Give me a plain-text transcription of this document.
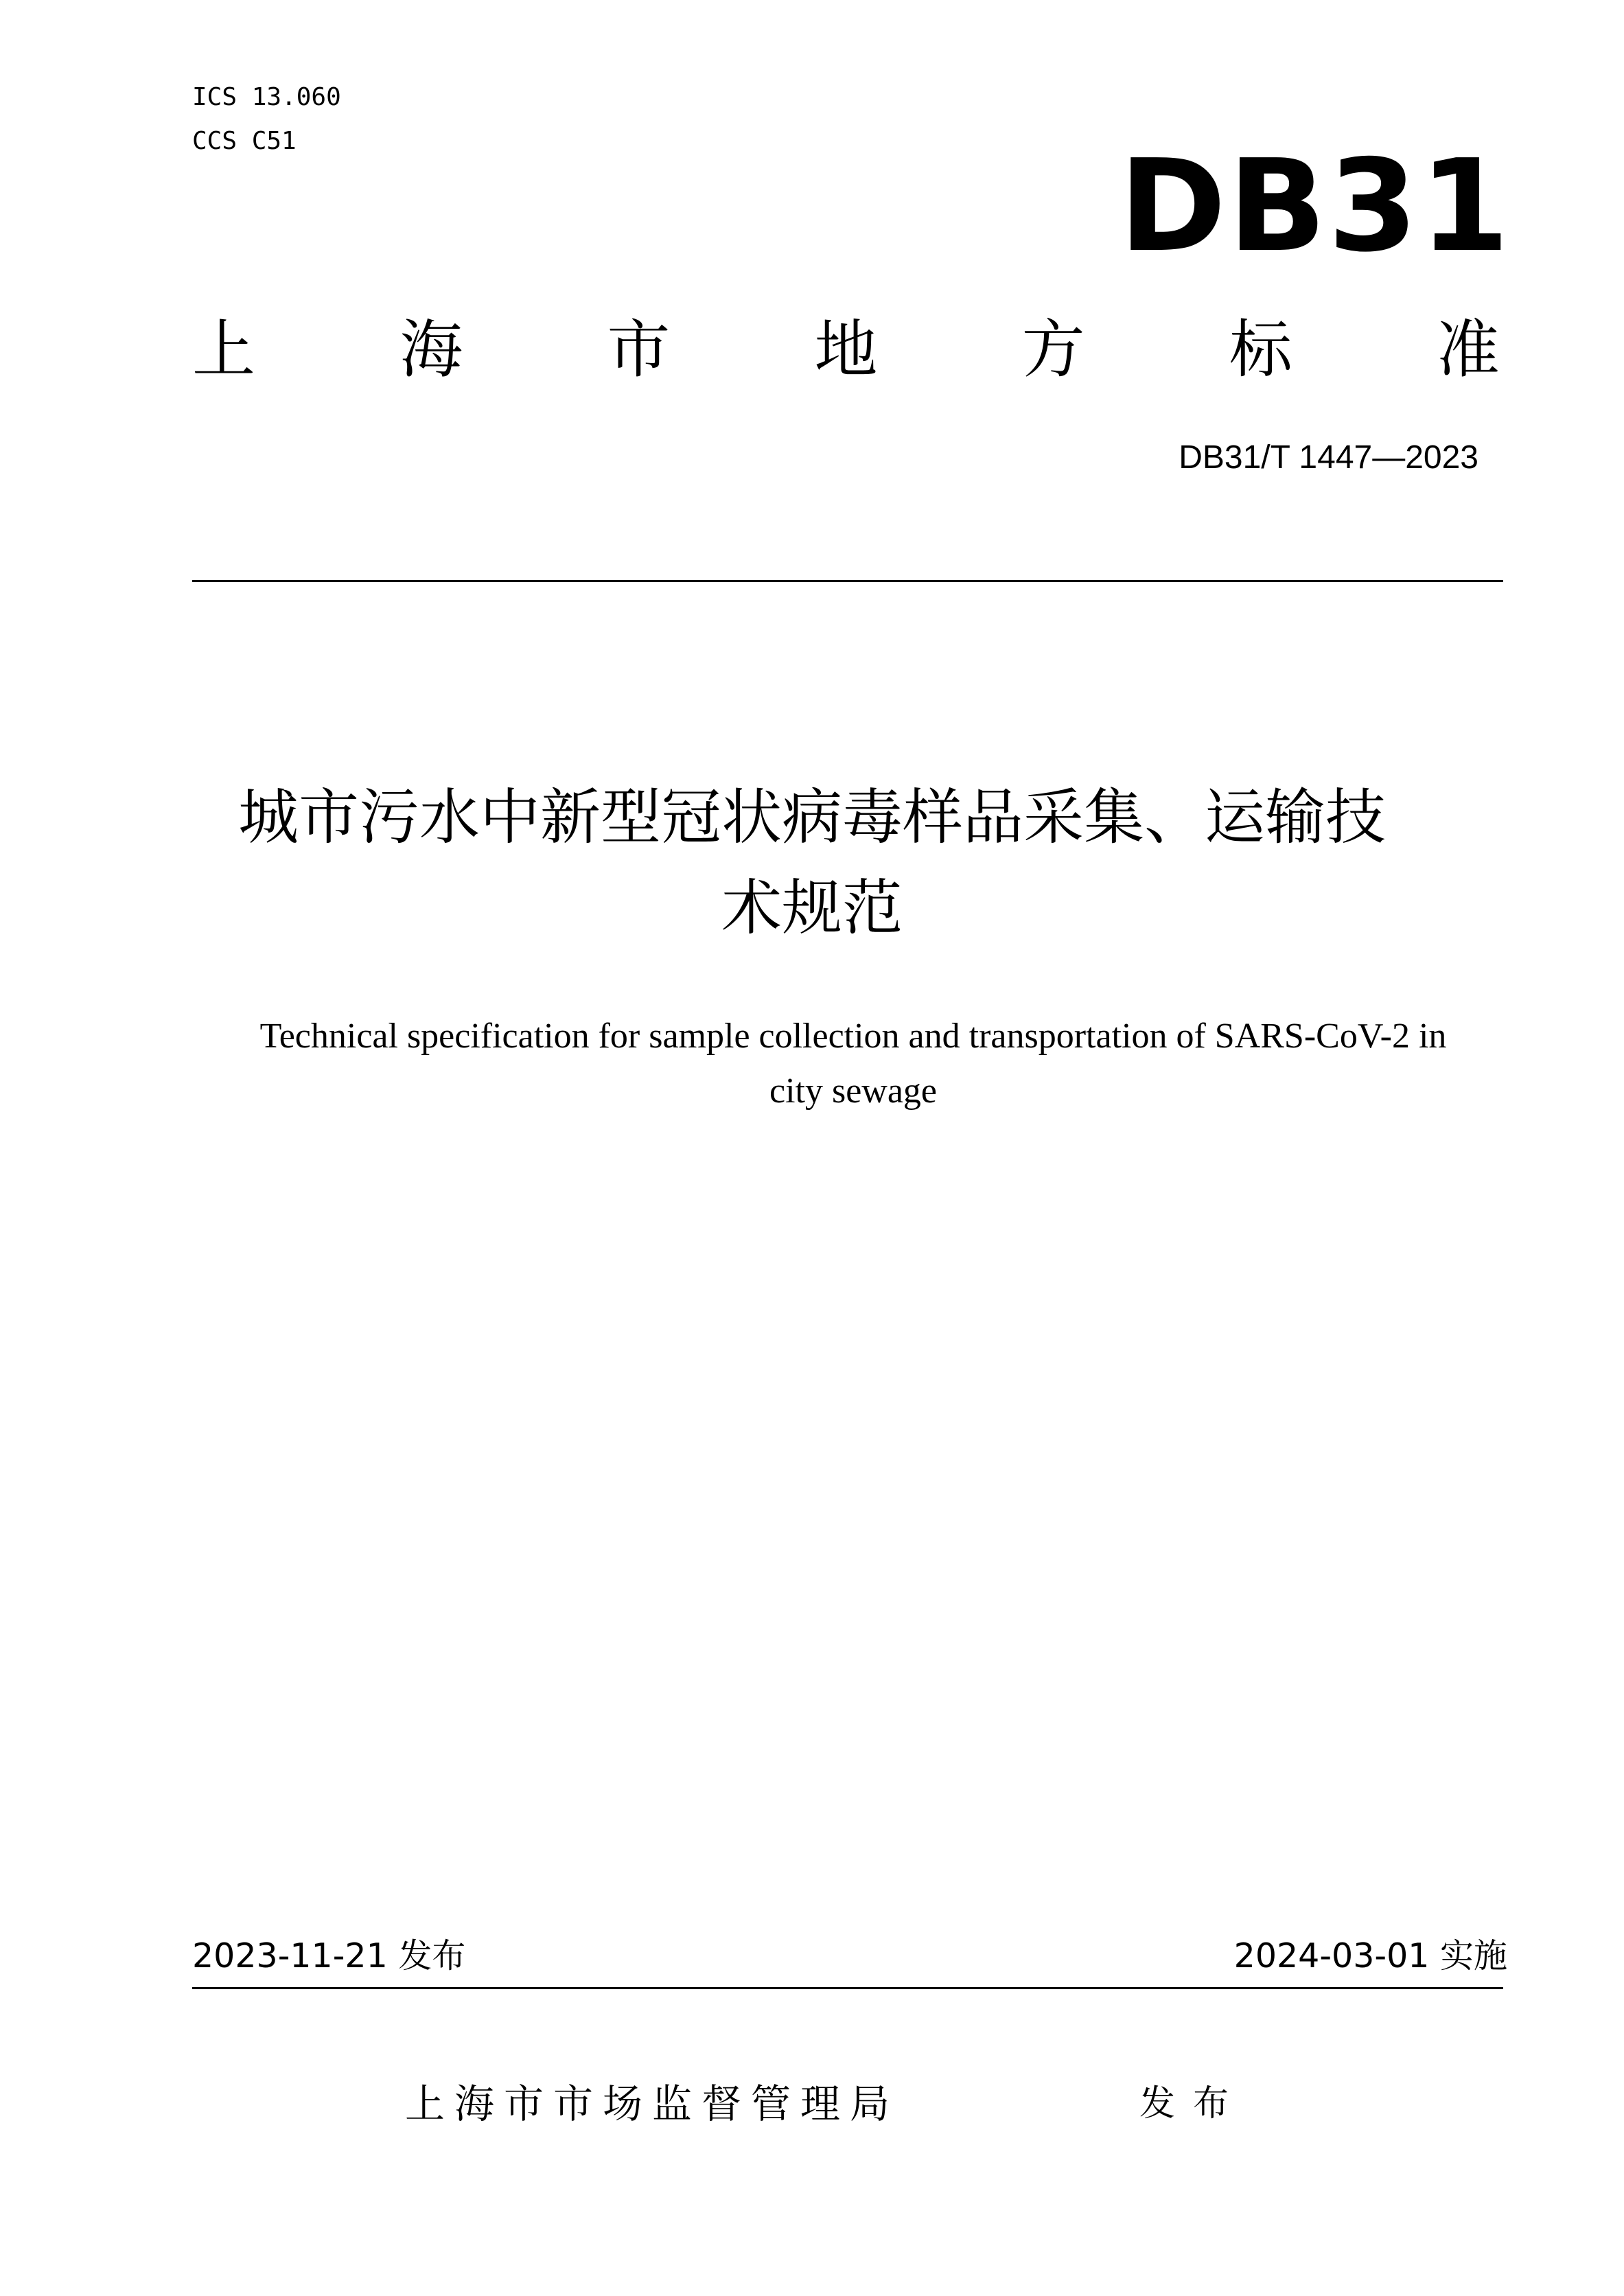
ICS 13.060
CCS C51	DB31
上 海 市 地 方 标 准
DB31/T 1447—2023
城市污水中新型冠状病毒样品采集、运输技
术规范
Technical specification for sample collection and transportation of SARS-CoV-2 in
city sewage
2023-11-21 发布	2024-03-01 实施
上海市市场监督管理局	发布
